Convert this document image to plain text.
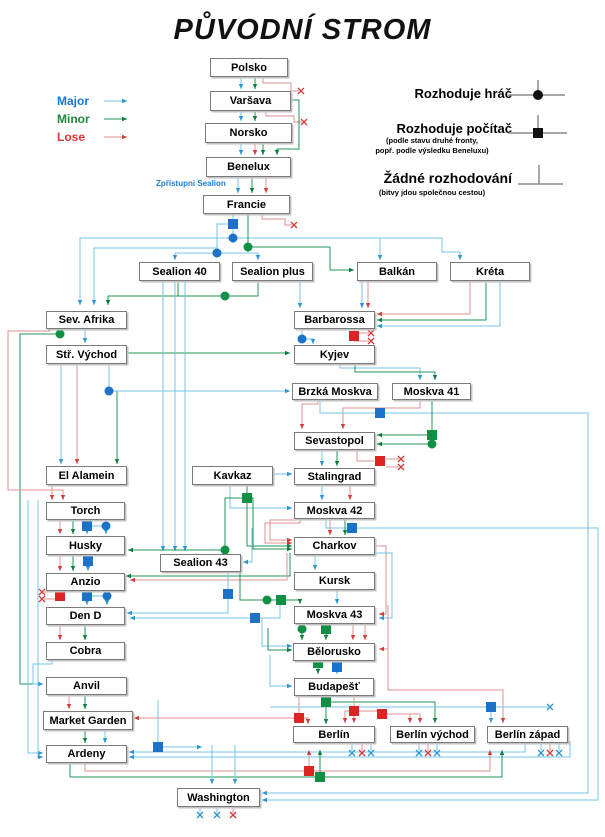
PŮVODNÍ STROM
Polsko
Varšava
Norsko
Benelux
Francie
Sealion 40	Sealion plus	Balkán	Kréta
Sev. Afrika	Barbarossa
Stř. Východ	Kyjev
Brzká Moskva	Moskva 41
Sevastopol
El Alamein	Kavkaz	Stalingrad
Torch	Moskva 42
Husky	Charkov
Sealion 43
Anzio	Kursk
Den D	Moskva 43
Cobra	Bělorusko
Anvil	Budapešť
Market Garden
Berlín	Berlín východ	Berlín západ
Ardeny
Washington
Zpřístupni Sealion
Major
Minor
Lose
Rozhoduje hráč
Rozhoduje počítač
(podle stavu druhé fronty,
popř. podle výsledku Beneluxu)
Žádné rozhodování
(bitvy jdou společnou cestou)
